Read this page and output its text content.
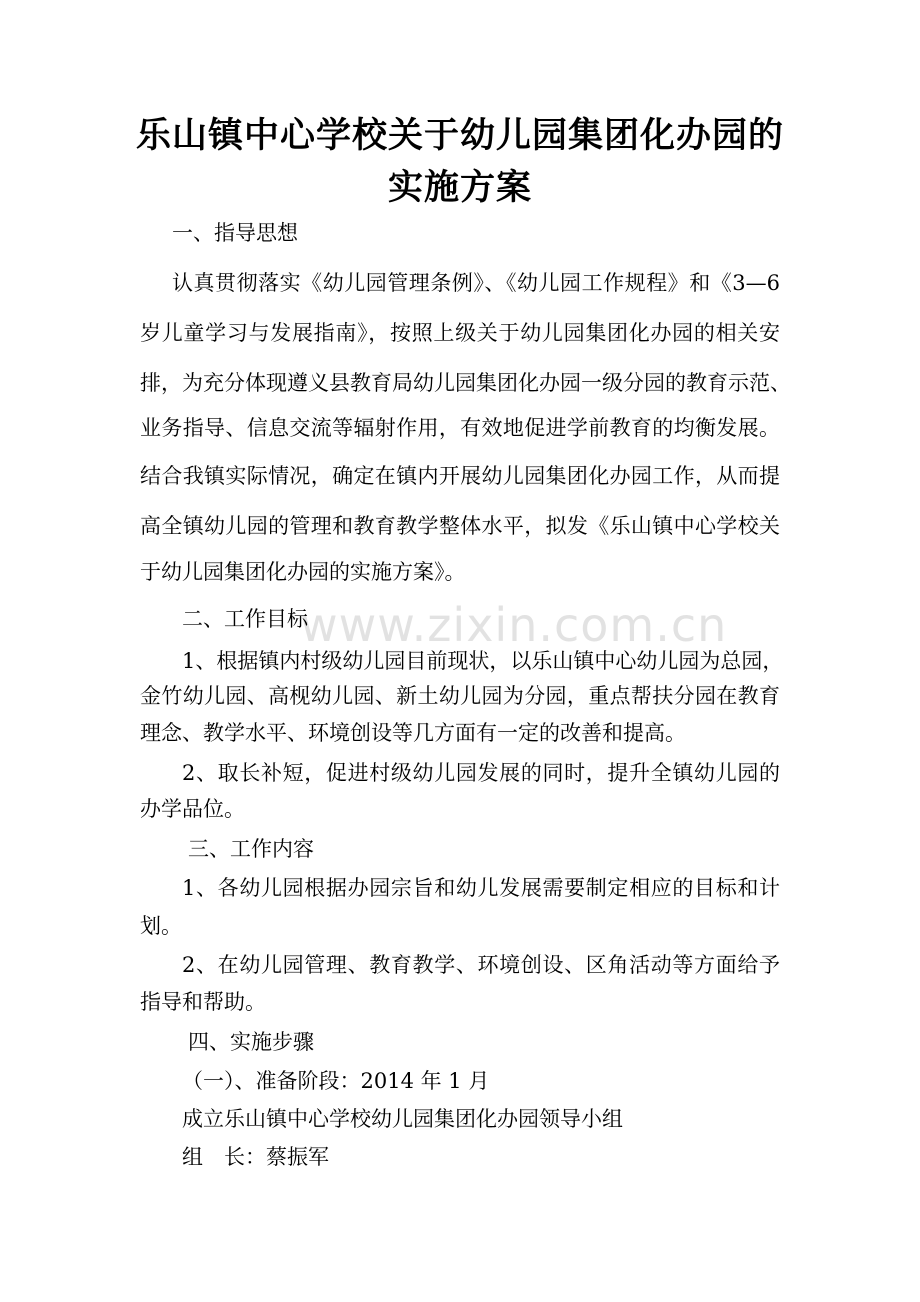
乐山镇中心学校关于幼儿园集团化办园的
实施方案
一、指导思想
认真贯彻落实《幼儿园管理条例》、《幼儿园工作规程》和《3—6
岁儿童学习与发展指南》，按照上级关于幼儿园集团化办园的相关安
排，为充分体现遵义县教育局幼儿园集团化办园一级分园的教育示范、
业务指导、信息交流等辐射作用，有效地促进学前教育的均衡发展。
结合我镇实际情况，确定在镇内开展幼儿园集团化办园工作，从而提
高全镇幼儿园的管理和教育教学整体水平，拟发《乐山镇中心学校关
于幼儿园集团化办园的实施方案》。
www.zixin.com.cn
二、工作目标
1、根据镇内村级幼儿园目前现状，以乐山镇中心幼儿园为总园，
金竹幼儿园、高枧幼儿园、新土幼儿园为分园，重点帮扶分园在教育
理念、教学水平、环境创设等几方面有一定的改善和提高。
2、取长补短，促进村级幼儿园发展的同时，提升全镇幼儿园的
办学品位。
三、工作内容
1、各幼儿园根据办园宗旨和幼儿发展需要制定相应的目标和计
划。
2、在幼儿园管理、教育教学、环境创设、区角活动等方面给予
指导和帮助。
四、实施步骤
（一）、准备阶段：2014 年 1 月
成立乐山镇中心学校幼儿园集团化办园领导小组
组　长：蔡振军
